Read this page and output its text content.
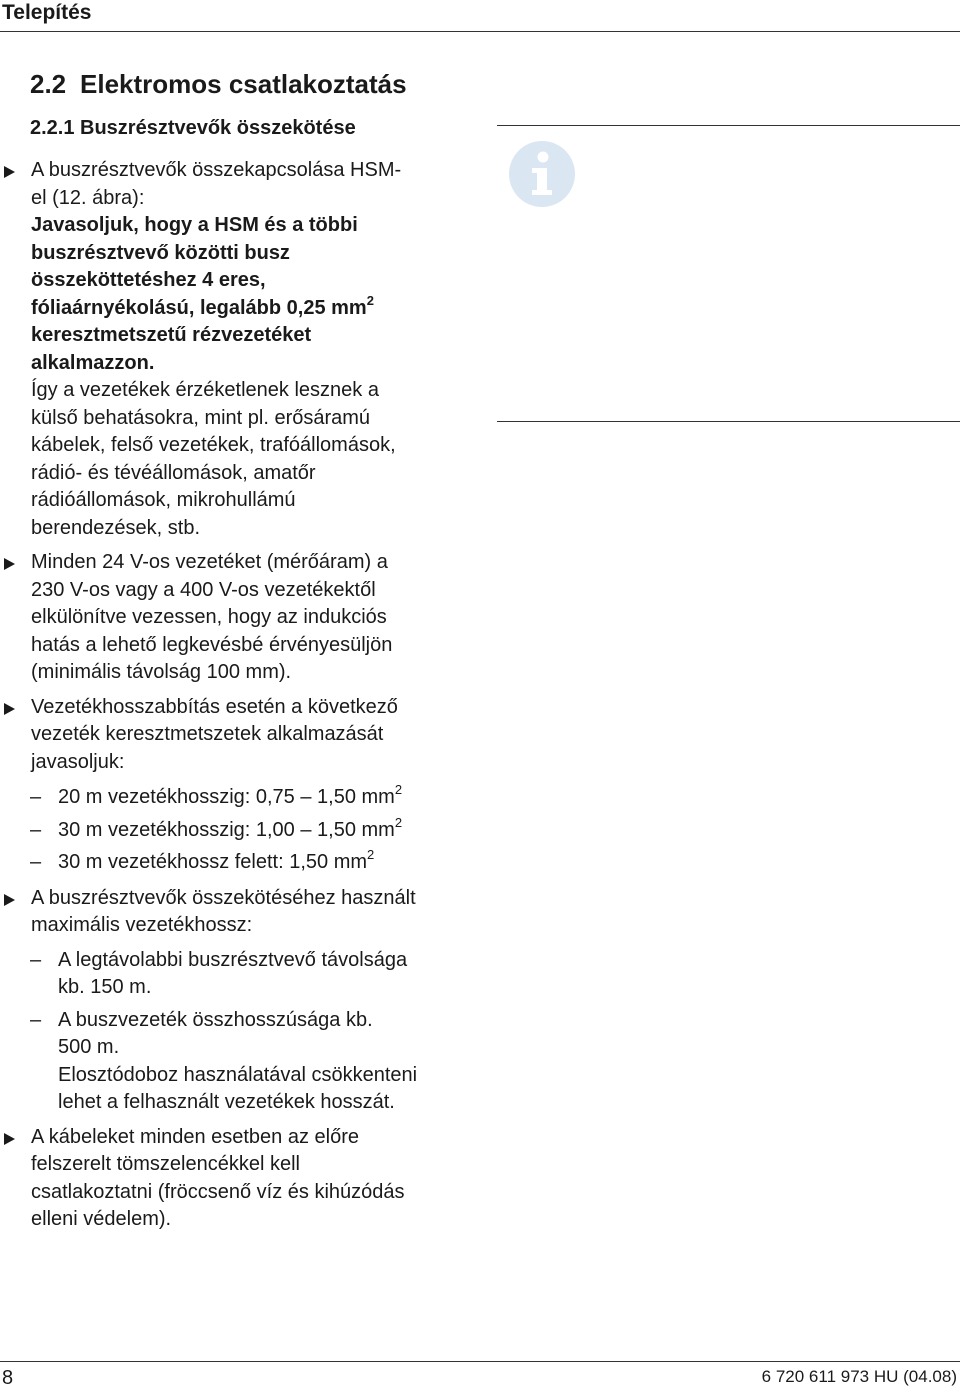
Telepítés
2.2 Elektromos csatlakoztatás
2.2.1 Buszrésztvevők összekötése
A buszrésztvevők összekapcsolása HSM-
el (12. ábra):
Javasoljuk, hogy a HSM és a többi
buszrésztvevő közötti busz
összeköttetéshez 4 eres,
fóliaárnyékolású, legalább 0,25 $mm^2$
keresztmetszetű rézvezetéket
alkalmazzon.
Így a vezetékek érzéketlenek lesznek a
külső behatásokra, mint pl. erősáramú
kábelek, felső vezetékek, trafóállomások,
rádió- és tévéállomások, amatőr
rádióállomások, mikrohullámú
berendezések, stb.
Minden 24 V-os vezetéket (mérőáram) a
230 V-os vagy a 400 V-os vezetékektől
elkülönítve vezessen, hogy az indukciós
hatás a lehető legkevésbé érvényesüljön
(minimális távolság 100 mm).
Vezetékhosszabbítás esetén a következő
vezeték keresztmetszetek alkalmazását
javasoljuk:
– 20 m vezetékhosszig: 0,75 – 1,50 $mm^2$
– 30 m vezetékhosszig: 1,00 – 1,50 $mm^2$
– 30 m vezetékhossz felett: 1,50 $mm^2$
A buszrésztvevők összekötéséhez használt
maximális vezetékhossz:
– A legtávolabbi buszrésztvevő távolsága
kb. 150 m.
– A buszvezeték összhosszúsága kb.
500 m.
Elosztódoboz használatával csökkenteni
lehet a felhasznált vezetékek hosszát.
A kábeleket minden esetben az előre
felszerelt tömszelencékkel kell
csatlakoztatni (fröccsenő víz és kihúzódás
elleni védelem).
8	6 720 611 973 HU (04.08)
